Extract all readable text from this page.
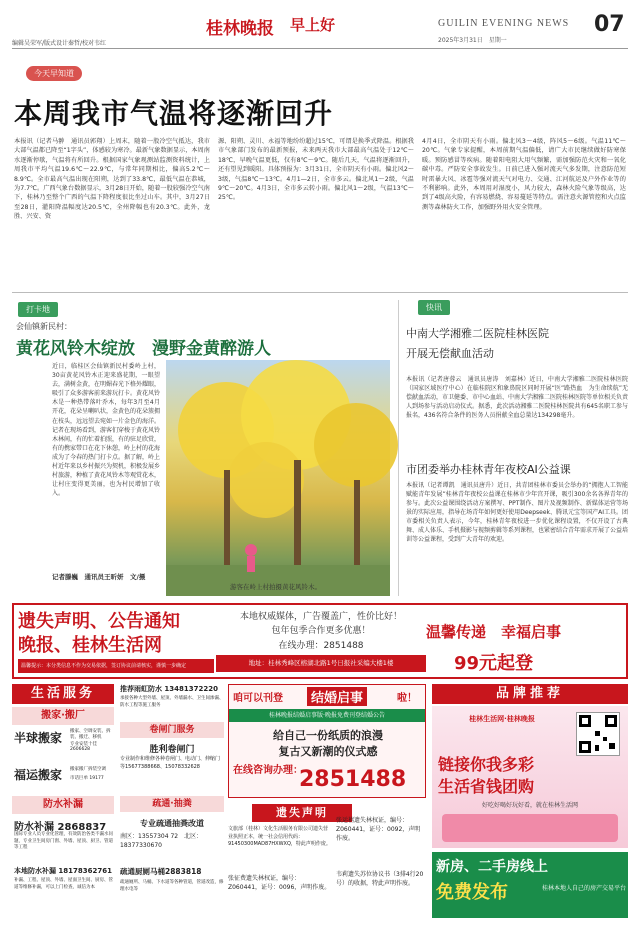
编辑吴荣军/版式设计秦哲/校对韦红
桂林晚报 早上好	GUILIN EVENING NEWS
2025年3月31日　星期一
07
今天早知道
本周我市气温将逐渐回升
本报讯（记者马翀　通讯员郭翔）上周末，随着一股冷空气抵达，我市大部气温都已降至“1字头”，体感较为寒冷。最新气象数据显示，本周南水逐渐停歇，气温将有所回升。根据国家气象观测站监测资料统计，上周我市平均气温19.6℃～22.9℃，与常年同期相比，偏高5.2℃～8.9℃。全市最高气温出现在阳朔，达到了33.8℃，最低气温在恭城，为7.7℃。广西气象台数据显示，3月28日开始，随着一股较强冷空气南下，桂林乃至整个广西的气温下降程度很比坐过山车。其中，3月27日至28日，灌阳降温幅度达20.5℃，全州降幅也有20.3℃。此外，龙胜、兴安、资
源、阳朔、灵川、永福等地纷纷超过15℃，可谓是换季式降温。根据我市气象部门发布的最新预报，未来两天我市大部最高气温处于12℃～18℃，早晚气温更低，仅有8℃～9℃。随后几天，气温将逐渐回升，还有望见到暖阳。具体预报为：3月31日，全市阴天有小雨。偏北风2～3级，气温8℃～13℃。4月1—2日，全市多云。偏北风1～2级，气温9℃～20℃。4月3日，全市多云转小雨。偏北风1～2级，气温13℃～25℃。
4月4日，全市阴天有小雨。偏北风3～4级，阵风5～6级。气温11℃～20℃。气象专家提醒，本周前期气温偏低，请广大市民继续做好防寒保暖。预防感冒等疾病。随着阳电阻大用气频繁，需加强防范火灾和一氧化碳中毒。严防安全事故发生。日前已进入强对流天气多发期，注意防范短时雷暴大风、冰雹等强对流天气对电力、交通、江河航运及户外作业等的不利影响。此外，本周用对湿度小，风力较大，森林火险气象等级高，达到了4级高火险，有容易燃烧、容易蔓延等特点。需注意火源管控和火点监测等森林防火工作，加强野外用火安全管理。
打卡地
会仙镇新民村：
黄花风铃木绽放　漫野金黄醉游人
近日，临桂区会仙镇新民村委岭上村，30亩黄花风铃木正迎来盛花期，一眼望去，满树金黄，在明媚春光下格外耀眼，吸引了众多游客前来游玩打卡。黄花风铃木是一种热带落叶乔木，每年3月至4月开花，花朵呈喇叭状，金黄色的花朵簇拥在枝头，远远望去宛如一片金色的海洋。记者在现场看到，游客们穿梭于黄花风铃木林间，有的忙着拍照，有的驻足欣赏，有的携家带口在花下休憩，岭上村的花海成为了今春的热门打卡点。据了解，岭上村近年来以乡村振兴为契机，积极发展乡村旅游，种植了黄花风铃木等观赏花木，让村庄变得更美丽，也为村民增加了收入。
记者滕巍　通讯员王昕妍　文/摄
游客在岭上村拍摄黄花风铃木。
快讯
中南大学湘雅二医院桂林医院
开展无偿献血活动
本报讯（记者唐蓉云　通讯员唐涛　刘嘉林）近日，中南大学湘雅二医院桂林医院（国家区域医疗中心）在临桂院区和象鼻院区同时开展“医”路热血　为生命续航”无偿献血活动，市卫健委、市中心血站、中南大学湘雅二医院桂林医院等单位相关负责人到场参与活动启动仪式。据悉，此次活动湘雅二医院桂林医院共有645名职工参与报名，436名符合条件的医务人员捐献全血总量达134298毫升。
市团委举办桂林青年夜校AI公益课
本报讯（记者谭凯　通讯员唐升）近日，共青团桂林市委员会举办的“拥抱人工智能　赋能青年发展”桂林青年夜校公益课在桂林市少年宫开课，吸引300余名各界青年的参与。此次公益课围绕活动方案撰写、PPT制作、图片及视频制作、新媒体运营等场景的实际应用，指导在场青年如何更好使用Deepseek、腾讯元宝等国产AI工具。团市委相关负责人表示，今年，桂林青年夜校进一步优化课程设置，不仅开设了古典舞、成人体乐、手机摄影与视频剪辑等系列课程，也紧密结合青年需求开展了公益培训等公益课程，受到广大青年的欢迎。
遗失声明、公告通知
晚报、桂林生活网
温馨提示：本分类信息不作为交易依据，签订协议前请核实，谨慎一步确定
本地权威媒体，广告覆盖广，性价比好！
包年包季合作更多优惠！
在线办理：2851488
地址：桂林秀峰区榕湖北路1号日报社采编大楼1楼
温馨传递　幸福启事
99元起登
生活服务
搬家·搬厂
半球搬家 搬家、空调安装、拆装、搬迁、移机
专业安装十佳 2606628
福运搬家 搬家搬厂拆装空调
市话巨单 19177
防水补漏
防水补漏 2868837
国际专业人员专业化管理，有效防治各类不漏水问题，专业卫生间房门窗、外墙、屋顶、厨卫、管道等工程
本地防水补漏 18178362761
补漏、工程、屋顶、外墙、屋面卫生间、厨房、管道等维修补漏，可以上门检查，诚信为本
推荐雨虹防水 13481372220
承接各种大型外墙、屋顶、外墙漏水、卫生间渗漏、防水工程等施工服务
卷闸门服务
胜利卷闸门
专业制作和维修各种卷闸门、电动门、伸缩门等15677388668、15078332628
疏通·抽粪
专业疏通抽粪改道
南区：13557304 72　北区：18377330670
疏通厨厕马桶2883818
疏通厕所、马桶、下水道等各种管道，管道改造，修理水电等
咱可以刊登	结婚启事	啦！
桂林晚报结婚启事版·晚报免费刊登结婚公告
给自己一份纸质的浪漫
复古又新潮的仪式感
在线咨询办理：
2851488
遗失声明
文旅部（桂林）文化生活服务有限公司遗失营业执照正本，统一社会信用代码：91450300MAD87HXWXQ，特此声明作废。
张征费遗失林权证，编号：Z060441，证号：0096，声明作废。
张运禧遗失林权证，编号：Z060441，证号：0092，声明作废。
韦莉遗失苏位协议书（3排4行20号）的收据，特此声明作废。
品牌推荐
桂林生活网·桂林晚报
链接你我多彩
生活省钱团购
好吃好喝好玩好看，就在桂林生活网
新房、二手房线上
免费发布	桂林本地人自己的房产交易平台
